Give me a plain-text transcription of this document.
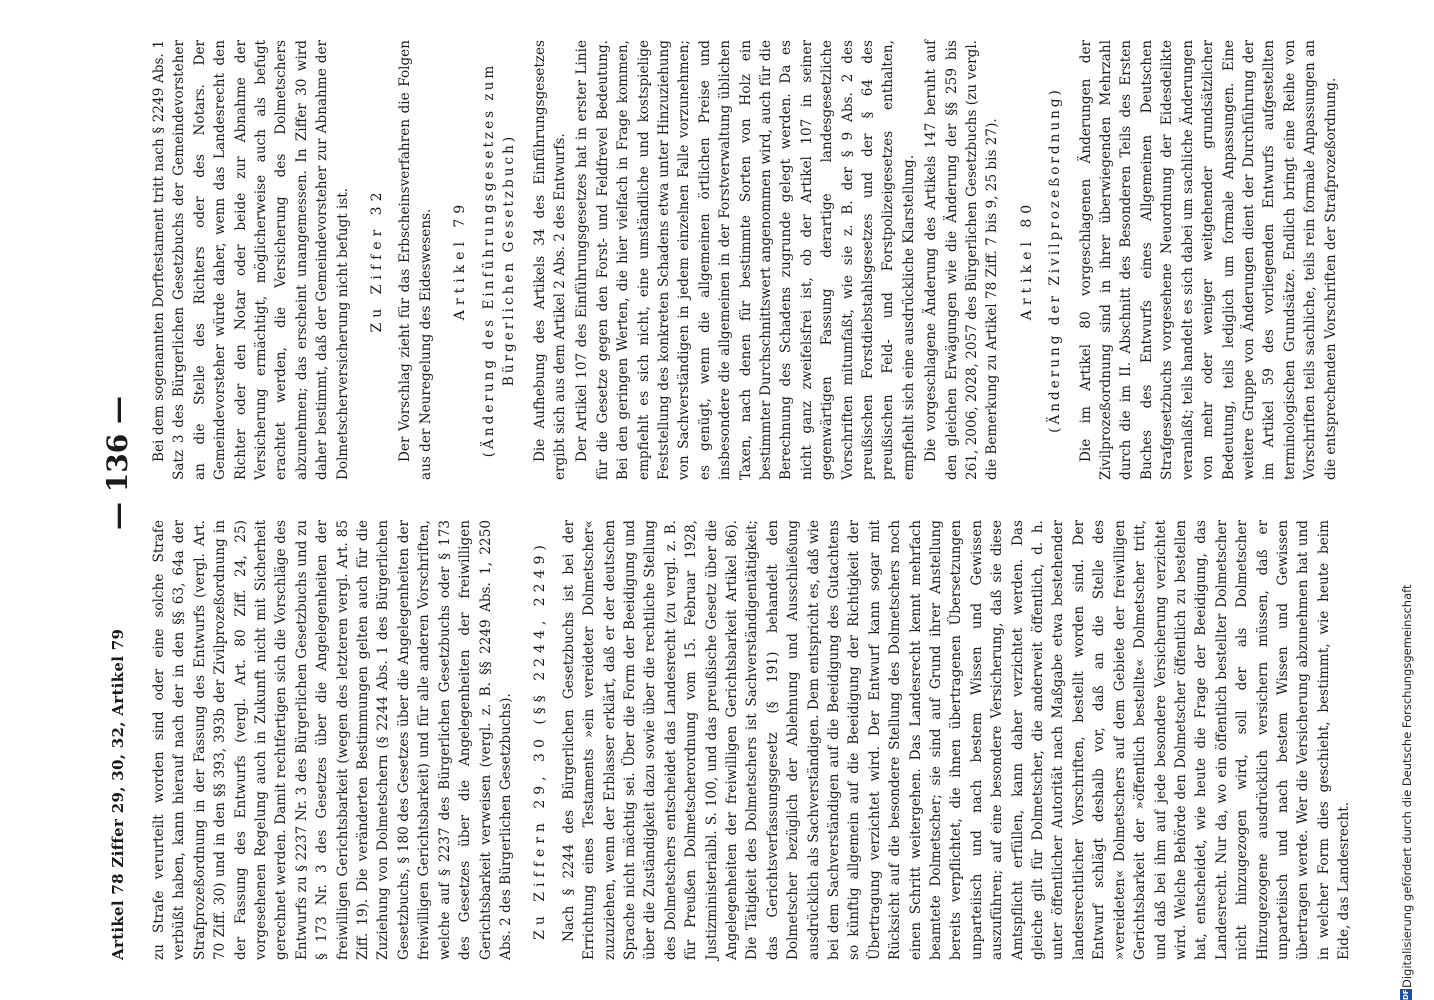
Artikel 78 Ziffer 29, 30, 32, Artikel 79
— 136 —

zu Strafe verurteilt worden sind oder eine solche Strafe verbüßt haben, kann hierauf nach der in den §§ 63, 64a der Strafprozeßordnung in der Fassung des Entwurfs (vergl. Art. 70 Ziff. 30) und in den §§ 393, 393b der Zivilprozeßordnung in der Fassung des Entwurfs (vergl. Art. 80 Ziff. 24, 25) vorgesehenen Regelung auch in Zukunft nicht mit Sicherheit gerechnet werden. Damit rechtfertigen sich die Vorschläge des Entwurfs zu § 2237 Nr. 3 des Bürgerlichen Gesetzbuchs und zu § 173 Nr. 3 des Gesetzes über die Angelegenheiten der freiwilligen Gerichtsbarkeit (wegen des letzteren vergl. Art. 85 Ziff. 19). Die veränderten Bestimmungen gelten auch für die Zuziehung von Dolmetschern (§ 2244 Abs. 1 des Bürgerlichen Gesetzbuchs, § 180 des Gesetzes über die Angelegenheiten der freiwilligen Gerichtsbarkeit) und für alle anderen Vorschriften, welche auf § 2237 des Bürgerlichen Gesetzbuchs oder § 173 des Gesetzes über die Angelegenheiten der freiwilligen Gerichtsbarkeit verweisen (vergl. z. B. §§ 2249 Abs. 1, 2250 Abs. 2 des Bürgerlichen Gesetzbuchs). Zu Ziffern 29, 30 (§§ 2244, 2249) Nach § 2244 des Bürgerlichen Gesetzbuchs ist bei der Errichtung eines Testaments »ein vereideter Dolmetscher« zuzuziehen, wenn der Erblasser erklärt, daß er der deutschen Sprache nicht mächtig sei. Über die Form der Beeidigung und über die Zuständigkeit dazu sowie über die rechtliche Stellung des Dolmetschers entscheidet das Landesrecht (zu vergl. z. B. für Preußen Dolmetscherordnung vom 15. Februar 1928, Justizministerialbl. S. 100, und das preußische Gesetz über die Angelegenheiten der freiwilligen Gerichtsbarkeit Artikel 86). Die Tätigkeit des Dolmetschers ist Sachverständigentätigkeit; das Gerichtsverfassungsgesetz (§ 191) behandelt den Dolmetscher bezüglich der Ablehnung und Ausschließung ausdrücklich als Sachverständigen. Dem entspricht es, daß wie bei dem Sachverständigen auf die Beeidigung des Gutachtens so künftig allgemein auf die Beeidigung der Richtigkeit der Übertragung verzichtet wird. Der Entwurf kann sogar mit Rücksicht auf die besondere Stellung des Dolmetschers noch einen Schritt weitergehen. Das Landesrecht kennt mehrfach beamtete Dolmetscher; sie sind auf Grund ihrer Anstellung bereits verpflichtet, die ihnen übertragenen Übersetzungen unparteiisch und nach bestem Wissen und Gewissen auszuführen; auf eine besondere Versicherung, daß sie diese Amtspflicht erfüllen, kann daher verzichtet werden. Das gleiche gilt für Dolmetscher, die anderweit öffentlich, d. h. unter öffentlicher Autorität nach Maßgabe etwa bestehender landesrechtlicher Vorschriften, bestellt worden sind. Der Entwurf schlägt deshalb vor, daß an die Stelle des »vereideten« Dolmetschers auf dem Gebiete der freiwilligen Gerichtsbarkeit der »öffentlich bestellte« Dolmetscher tritt, und daß bei ihm auf jede besondere Versicherung verzichtet wird. Welche Behörde den Dolmetscher öffentlich zu bestellen hat, entscheidet, wie heute die Frage der Beeidigung, das Landesrecht. Nur da, wo ein öffentlich bestellter Dolmetscher nicht hinzugezogen wird, soll der als Dolmetscher Hinzugezogene ausdrücklich versichern müssen, daß er unparteiisch und nach bestem Wissen und Gewissen übertragen werde. Wer die Versicherung abzunehmen hat und in welcher Form dies geschieht, bestimmt, wie heute beim Eide, das Landesrecht.

Bei dem sogenannten Dorftestament tritt nach § 2249 Abs. 1 Satz 3 des Bürgerlichen Gesetzbuchs der Gemeindevorsteher an die Stelle des Richters oder des Notars. Der Gemeindevorsteher würde daher, wenn das Landesrecht den Richter oder den Notar oder beide zur Abnahme der Versicherung ermächtigt, möglicherweise auch als befugt erachtet werden, die Versicherung des Dolmetschers abzunehmen; das erscheint unangemessen. In Ziffer 30 wird daher bestimmt, daß der Gemeindevorsteher zur Abnahme der Dolmetscherversicherung nicht befugt ist. Zu Ziffer 32 Der Vorschlag zieht für das Erbscheinsverfahren die Folgen aus der Neuregelung des Eideswesens. Artikel 79 (Änderung des Einführungsgesetzes zum Bürgerlichen Gesetzbuch) Die Aufhebung des Artikels 34 des Einführungsgesetzes ergibt sich aus dem Artikel 2 Abs. 2 des Entwurfs. Der Artikel 107 des Einführungsgesetzes hat in erster Linie für die Gesetze gegen den Forst- und Feldfrevel Bedeutung. Bei den geringen Werten, die hier vielfach in Frage kommen, empfiehlt es sich nicht, eine umständliche und kostspielige Feststellung des konkreten Schadens etwa unter Hinzuziehung von Sachverständigen in jedem einzelnen Falle vorzunehmen; es genügt, wenn die allgemeinen örtlichen Preise und insbesondere die allgemeinen in der Forstverwaltung üblichen Taxen, nach denen für bestimmte Sorten von Holz ein bestimmter Durchschnittswert angenommen wird, auch für die Berechnung des Schadens zugrunde gelegt werden. Da es nicht ganz zweifelsfrei ist, ob der Artikel 107 in seiner gegenwärtigen Fassung derartige landesgesetzliche Vorschriften mitumfaßt, wie sie z. B. der § 9 Abs. 2 des preußischen Forstdiebstahlsgesetzes und der § 64 des preußischen Feld- und Forstpolizeigesetzes enthalten, empfiehlt sich eine ausdrückliche Klarstellung. Die vorgeschlagene Änderung des Artikels 147 beruht auf den gleichen Erwägungen wie die Änderung der §§ 259 bis 261, 2006, 2028, 2057 des Bürgerlichen Gesetzbuchs (zu vergl. die Bemerkung zu Artikel 78 Ziff. 7 bis 9, 25 bis 27). Artikel 80 (Änderung der Zivilprozeßordnung) Die im Artikel 80 vorgeschlagenen Änderungen der Zivilprozeßordnung sind in ihrer überwiegenden Mehrzahl durch die im II. Abschnitt des Besonderen Teils des Ersten Buches des Entwurfs eines Allgemeinen Deutschen Strafgesetzbuchs vorgesehene Neuordnung der Eidesdelikte veranlaßt; teils handelt es sich dabei um sachliche Änderungen von mehr oder weniger weitgehender grundsätzlicher Bedeutung, teils lediglich um formale Anpassungen. Eine weitere Gruppe von Änderungen dient der Durchführung der im Artikel 59 des vorliegenden Entwurfs aufgestellten terminologischen Grundsätze. Endlich bringt eine Reihe von Vorschriften teils sachliche, teils rein formale Anpassungen an die entsprechenden Vorschriften der Strafprozeßordnung.

DFG
Digitalisierung gefördert durch die Deutsche Forschungsgemeinschaft
